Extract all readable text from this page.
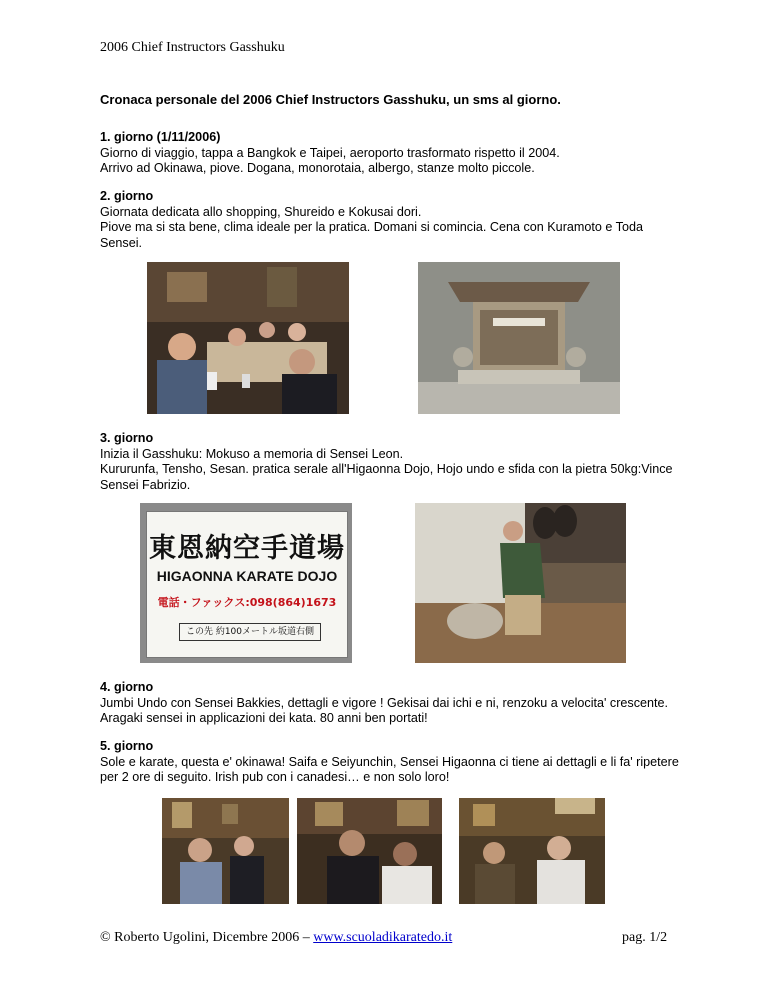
2006 Chief Instructors Gasshuku
Cronaca personale del 2006 Chief Instructors Gasshuku, un sms al giorno.

1. giorno (1/11/2006)

Giorno di viaggio, tappa a Bangkok e Taipei, aeroporto trasformato rispetto il 2004.

Arrivo ad Okinawa, piove. Dogana, monorotaia, albergo, stanze molto piccole.

2. giorno

Giornata dedicata allo shopping, Shureido e Kokusai dori.

Piove ma si sta bene, clima ideale per la pratica. Domani si comincia. Cena con Kuramoto e Toda Sensei.

3. giorno

Inizia il Gasshuku: Mokuso a memoria di Sensei Leon.

Kururunfa, Tensho, Sesan. pratica serale all'Higaonna Dojo, Hojo undo e sfida con la pietra 50kg:Vince Sensei Fabrizio.

東恩納空手道場
HIGAONNA KARATE DOJO
電話・ファックス:098(864)1673
この先 約100メートル坂道右側

4. giorno

Jumbi Undo con Sensei Bakkies, dettagli e vigore ! Gekisai dai ichi e ni, renzoku a velocita' crescente. Aragaki sensei in applicazioni dei kata. 80 anni ben portati!

5. giorno

Sole e karate, questa e' okinawa! Saifa e Seiyunchin, Sensei Higaonna ci tiene ai dettagli e li fa' ripetere per 2 ore di seguito. Irish pub con i canadesi… e non solo loro!

© Roberto Ugolini, Dicembre 2006 – www.scuoladikaratedo.it	pag. 1/2
